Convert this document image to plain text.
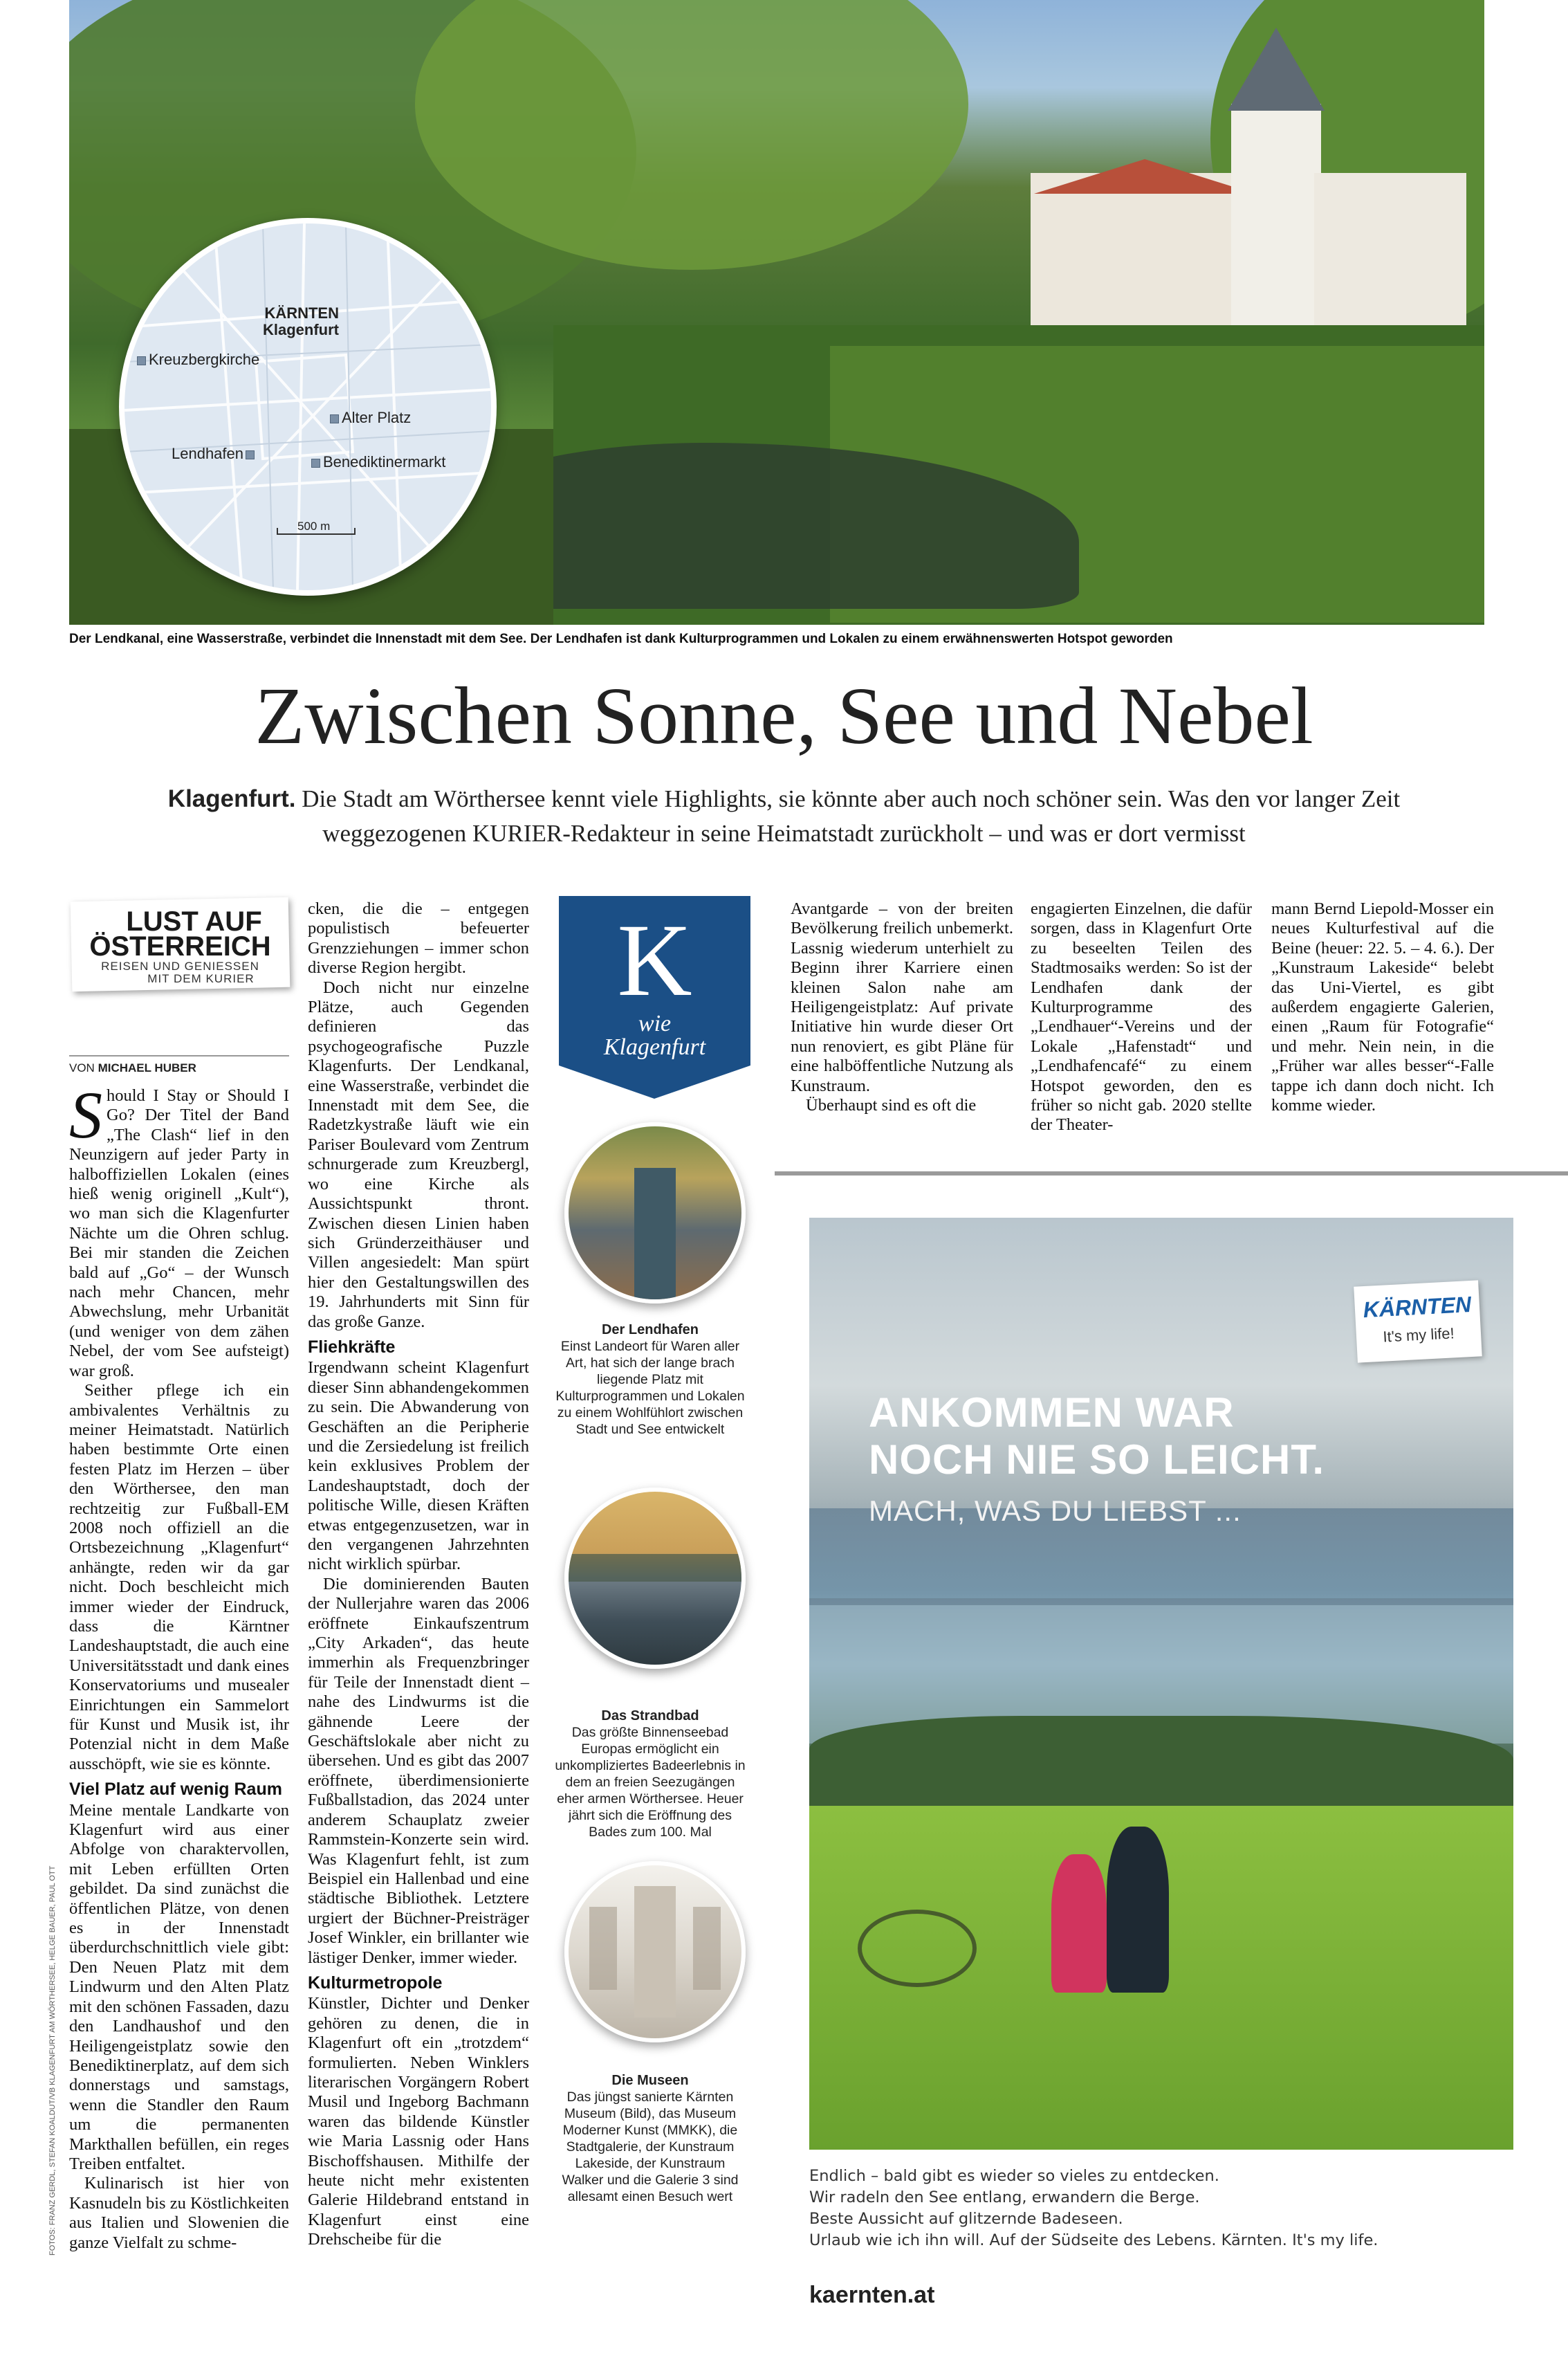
KÄRNTEN
Klagenfurt
Kreuzbergkirche
Alter Platz
Lendhafen	Benediktinermarkt
500 m
Der Lendkanal, eine Wasserstraße, verbindet die Innenstadt mit dem See. Der Lendhafen ist dank Kulturprogrammen und Lokalen zu einem erwähnenswerten Hotspot geworden
Zwischen Sonne, See und Nebel
Klagenfurt. Die Stadt am Wörthersee kennt viele Highlights, sie könnte aber auch noch schöner sein. Was den vor langer Zeit weggezogenen KURIER-Redakteur in seine Heimatstadt zurückholt – und was er dort vermisst
LUST AUF
ÖSTERREICH
REISEN UND GENIESSEN
MIT DEM KURIER
VON MICHAEL HUBER

Should I Stay or Should I Go? Der Titel der Band „The Clash“ lief in den Neunzigern auf jeder Party in halboffiziellen Lokalen (eines hieß wenig originell „Kult“), wo man sich die Klagenfurter Nächte um die Ohren schlug. Bei mir standen die Zeichen bald auf „Go“ – der Wunsch nach mehr Chancen, mehr Abwechslung, mehr Urbanität (und weniger von dem zähen Nebel, der vom See aufsteigt) war groß.

Seither pflege ich ein ambivalentes Verhältnis zu meiner Heimatstadt. Natürlich haben bestimmte Orte einen festen Platz im Herzen – über den Wörthersee, den man rechtzeitig zur Fußball-EM 2008 noch offiziell an die Ortsbezeichnung „Klagenfurt“ anhängte, reden wir da gar nicht. Doch beschleicht mich immer wieder der Eindruck, dass die Kärntner Landeshauptstadt, die auch eine Universitätsstadt und dank eines Konservatoriums und musealer Einrichtungen ein Sammelort für Kunst und Musik ist, ihr Potenzial nicht in dem Maße ausschöpft, wie sie es könnte.

Viel Platz auf wenig Raum

Meine mentale Landkarte von Klagenfurt wird aus einer Abfolge von charaktervollen, mit Leben erfüllten Orten gebildet. Da sind zunächst die öffentlichen Plätze, von denen es in der Innenstadt überdurchschnittlich viele gibt: Den Neuen Platz mit dem Lindwurm und den Alten Platz mit den schönen Fassaden, dazu den Landhaushof und den Heiligengeistplatz sowie den Benediktinerplatz, auf dem sich donnerstags und samstags, wenn die Standler den Raum um die permanenten Markthallen befüllen, ein reges Treiben entfaltet.

Kulinarisch ist hier von Kasnudeln bis zu Köstlichkeiten aus Italien und Slowenien die ganze Vielfalt zu schme-

FOTOS: FRANZ GERDL, STEFAN KOALDUT/VB KLAGENFURT AM WÖRTHERSEE, HELGE BAUER, PAUL OTT

cken, die die – entgegen populistisch befeuerter Grenzziehungen – immer schon diverse Region hergibt.

Doch nicht nur einzelne Plätze, auch Gegenden definieren das psychogeografische Puzzle Klagenfurts. Der Lendkanal, eine Wasserstraße, verbindet die Innenstadt mit dem See, die Radetzkystraße läuft wie ein Pariser Boulevard vom Zentrum schnurgerade zum Kreuzbergl, wo eine Kirche als Aussichtspunkt thront. Zwischen diesen Linien haben sich Gründerzeithäuser und Villen angesiedelt: Man spürt hier den Gestaltungswillen des 19. Jahrhunderts mit Sinn für das große Ganze.

Fliehkräfte

Irgendwann scheint Klagenfurt dieser Sinn abhandengekommen zu sein. Die Abwanderung von Geschäften an die Peripherie und die Zersiedelung ist freilich kein exklusives Problem der Landeshauptstadt, doch der politische Wille, diesen Kräften etwas entgegenzusetzen, war in den vergangenen Jahrzehnten nicht wirklich spürbar.

Die dominierenden Bauten der Nullerjahre waren das 2006 eröffnete Einkaufszentrum „City Arkaden“, das heute immerhin als Frequenzbringer für Teile der Innenstadt dient – nahe des Lindwurms ist die gähnende Leere der Geschäftslokale aber nicht zu übersehen. Und es gibt das 2007 eröffnete, überdimensionierte Fußballstadion, das 2024 unter anderem Schauplatz zweier Rammstein-Konzerte sein wird. Was Klagenfurt fehlt, ist zum Beispiel ein Hallenbad und eine städtische Bibliothek. Letztere urgiert der Büchner-Preisträger Josef Winkler, ein brillanter wie lästiger Denker, immer wieder.

Kulturmetropole

Künstler, Dichter und Denker gehören zu denen, die in Klagenfurt oft ein „trotzdem“ formulierten. Neben Winklers literarischen Vorgängern Robert Musil und Ingeborg Bachmann waren das bildende Künstler wie Maria Lassnig oder Hans Bischoffshausen. Mithilfe der heute nicht mehr existenten Galerie Hildebrand entstand in Klagenfurt einst eine Drehscheibe für die

K
wie
Klagenfurt
Der Lendhafen
Einst Landeort für Waren aller Art, hat sich der lange brach liegende Platz mit Kulturprogrammen und Lokalen zu einem Wohlfühlort zwischen Stadt und See entwickelt
Das Strandbad
Das größte Binnenseebad Europas ermöglicht ein unkompliziertes Badeerlebnis in dem an freien Seezugängen eher armen Wörthersee. Heuer jährt sich die Eröffnung des Bades zum 100. Mal
Die Museen
Das jüngst sanierte Kärnten Museum (Bild), das Museum Moderner Kunst (MMKK), die Stadtgalerie, der Kunstraum Lakeside, der Kunstraum Walker und die Galerie 3 sind allesamt einen Besuch wert

Avantgarde – von der breiten Bevölkerung freilich unbemerkt. Lassnig wiederum unterhielt zu Beginn ihrer Karriere einen kleinen Salon nahe am Heiligengeistplatz: Auf private Initiative hin wurde dieser Ort nun renoviert, es gibt Pläne für eine halböffentliche Nutzung als Kunstraum.

Überhaupt sind es oft die

engagierten Einzelnen, die dafür sorgen, dass in Klagenfurt Orte zu beseelten Teilen des Stadtmosaiks werden: So ist der Lendhafen dank der Kulturprogramme des „Lendhauer“-Vereins und der Lokale „Hafenstadt“ und „Lendhafencafé“ zu einem Hotspot geworden, den es früher so nicht gab. 2020 stellte der Theater-

mann Bernd Liepold-Mosser ein neues Kulturfestival auf die Beine (heuer: 22. 5. – 4. 6.). Der „Kunstraum Lakeside“ belebt das Uni-Viertel, es gibt außerdem engagierte Galerien, einen „Raum für Fotografie“ und mehr. Nein nein, in die „Früher war alles besser“-Falle tappe ich dann doch nicht. Ich komme wieder.

KÄRNTEN
It's my life!
ANKOMMEN WAR
NOCH NIE SO LEICHT.
MACH, WAS DU LIEBST ...
Endlich – bald gibt es wieder so vieles zu entdecken.
Wir radeln den See entlang, erwandern die Berge.
Beste Aussicht auf glitzernde Badeseen.
Urlaub wie ich ihn will. Auf der Südseite des Lebens. Kärnten. It's my life.
kaernten.at
